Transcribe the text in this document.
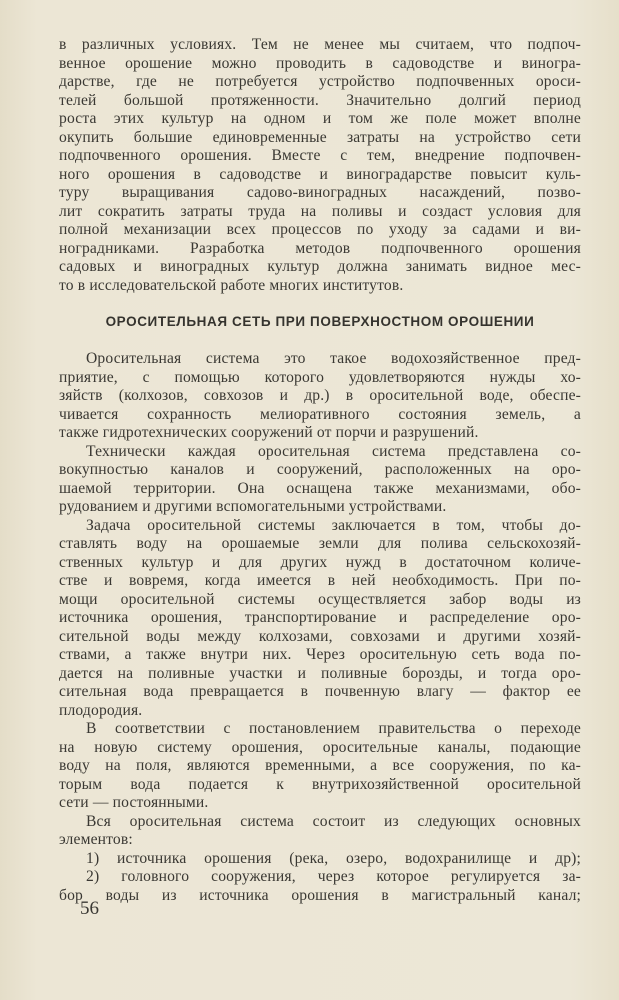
в различных условиях. Тем не менее мы считаем, что подпоч-
венное орошение можно проводить в садоводстве и виногра-
дарстве, где не потребуется устройство подпочвенных ороси-
телей большой протяженности. Значительно долгий период
роста этих культур на одном и том же поле может вполне
окупить большие единовременные затраты на устройство сети
подпочвенного орошения. Вместе с тем, внедрение подпочвен-
ного орошения в садоводстве и виноградарстве повысит куль-
туру выращивания садово-виноградных насаждений, позво-
лит сократить затраты труда на поливы и создаст условия для
полной механизации всех процессов по уходу за садами и ви-
ноградниками. Разработка методов подпочвенного орошения
садовых и виноградных культур должна занимать видное мес-
то в исследовательской работе многих институтов.
ОРОСИТЕЛЬНАЯ СЕТЬ ПРИ ПОВЕРХНОСТНОМ ОРОШЕНИИ
Оросительная система это такое водохозяйственное пред-
приятие, с помощью которого удовлетворяются нужды хо-
зяйств (колхозов, совхозов и др.) в оросительной воде, обеспе-
чивается сохранность мелиоративного состояния земель, а
также гидротехнических сооружений от порчи и разрушений.
Технически каждая оросительная система представлена со-
вокупностью каналов и сооружений, расположенных на оро-
шаемой территории. Она оснащена также механизмами, обо-
рудованием и другими вспомогательными устройствами.
Задача оросительной системы заключается в том, чтобы до-
ставлять воду на орошаемые земли для полива сельскохозяй-
ственных культур и для других нужд в достаточном количе-
стве и вовремя, когда имеется в ней необходимость. При по-
мощи оросительной системы осуществляется забор воды из
источника орошения, транспортирование и распределение оро-
сительной воды между колхозами, совхозами и другими хозяй-
ствами, а также внутри них. Через оросительную сеть вода по-
дается на поливные участки и поливные борозды, и тогда оро-
сительная вода превращается в почвенную влагу — фактор ее
плодородия.
В соответствии с постановлением правительства о переходе
на новую систему орошения, оросительные каналы, подающие
воду на поля, являются временными, а все сооружения, по ка-
торым вода подается к внутрихозяйственной оросительной
сети — постоянными.
Вся оросительная система состоит из следующих основных
элементов:
1) источника орошения (река, озеро, водохранилище и др);
2) головного сооружения, через которое регулируется за-
бор воды из источника орошения в магистральный канал;
56
